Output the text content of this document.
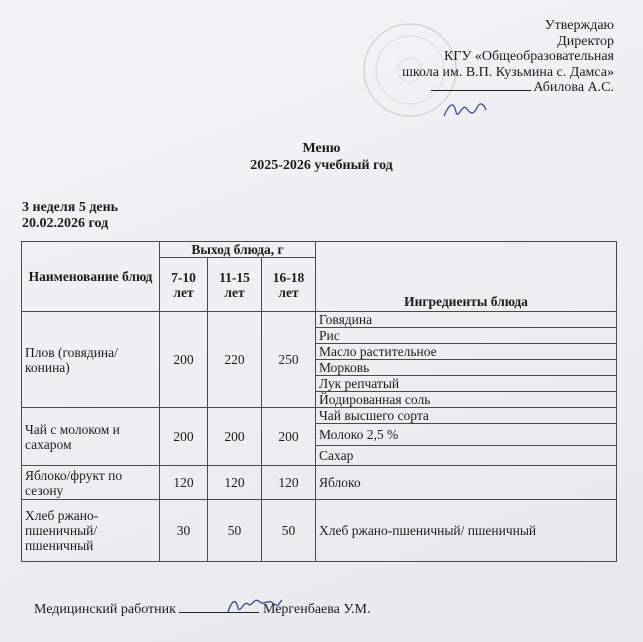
Утверждаю
Директор
КГУ «Общеобразовательная
школа им. В.П. Кузьмина с. Дамса»
Абилова А.С.
Меню
2025-2026 учебный год
3 неделя 5 день
20.02.2026 год
Наименование блюд	Выход блюда, г			Ингредиенты блюда
	7-10 лет	11-15 лет	16-18 лет	
Плов (говядина/конина)	200	220	250	Говядина
				Рис
				Масло растительное
				Морковь
				Лук репчатый
				Йодированная соль
Чай с молоком и сахаром	200	200	200	Чай высшего сорта
				Молоко 2,5 %
				Сахар
Яблоко/фрукт по сезону	120	120	120	Яблоко
Хлеб ржано-пшеничный/ пшеничный	30	50	50	Хлеб ржано-пшеничный/ пшеничный
Медицинский работник	Мергенбаева У.М.
